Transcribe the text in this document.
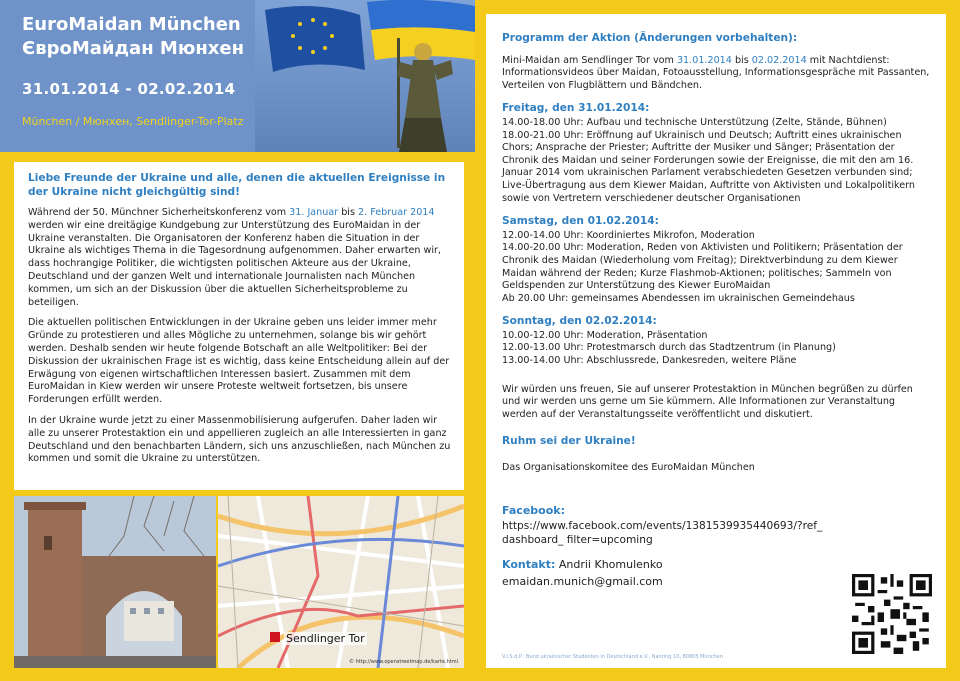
EuroMaidan München
ЄвроМайдан Мюнхен
31.01.2014 - 02.02.2014
München / Мюнхен, Sendlinger-Tor-Platz
Liebe Freunde der Ukraine und alle, denen die aktuellen Ereignisse in der Ukraine nicht gleichgültig sind!

Während der 50. Münchner Sicherheitskonferenz vom 31. Januar bis 2. Februar 2014 werden wir eine dreitägige Kundgebung zur Unterstützung des EuroMaidan in der Ukraine veranstalten. Die Organisatoren der Konferenz haben die Situation in der Ukraine als wichtiges Thema in die Tagesordnung aufgenommen. Daher erwarten wir, dass hochrangige Politiker, die wichtigsten politischen Akteure aus der Ukraine, Deutschland und der ganzen Welt und internationale Journalisten nach München kommen, um sich an der Diskussion über die aktuellen Sicherheitsprobleme zu beteiligen.

Die aktuellen politischen Entwicklungen in der Ukraine geben uns leider immer mehr Gründe zu protestieren und alles Mögliche zu unternehmen, solange bis wir gehört werden. Deshalb senden wir heute folgende Botschaft an alle Weltpolitiker: Bei der Diskussion der ukrainischen Frage ist es wichtig, dass keine Entscheidung allein auf der Erwägung von eigenen wirtschaftlichen Interessen basiert. Zusammen mit dem EuroMaidan in Kiew werden wir unsere Proteste weltweit fortsetzen, bis unsere Forderungen erfüllt werden.

In der Ukraine wurde jetzt zu einer Massenmobilisierung aufgerufen. Daher laden wir alle zu unserer Protestaktion ein und appellieren zugleich an alle Interessierten in ganz Deutschland und den benachbarten Ländern, sich uns anzuschließen, nach München zu kommen und somit die Ukraine zu unterstützen.

Sendlinger Tor
© http://www.openstreetmap.de/karte.html
Programm der Aktion (Änderungen vorbehalten):

Mini-Maidan am Sendlinger Tor vom 31.01.2014 bis 02.02.2014 mit Nachtdienst: Informationsvideos über Maidan, Fotoausstellung, Informationsgespräche mit Passanten, Verteilen von Flugblättern und Bändchen.

Freitag, den 31.01.2014:

14.00-18.00 Uhr: Aufbau und technische Unterstützung (Zelte, Stände, Bühnen)

18.00-21.00 Uhr: Eröffnung auf Ukrainisch und Deutsch; Auftritt eines ukrainischen Chors; Ansprache der Priester; Auftritte der Musiker und Sänger; Präsentation der Chronik des Maidan und seiner Forderungen sowie der Ereignisse, die mit den am 16. Januar 2014 vom ukrainischen Parlament verabschiedeten Gesetzen verbunden sind; Live-Übertragung aus dem Kiewer Maidan, Auftritte von Aktivisten und Lokalpolitikern sowie von Vertretern verschiedener deutscher Organisationen

Samstag, den 01.02.2014:

12.00-14.00 Uhr: Koordiniertes Mikrofon, Moderation

14.00-20.00 Uhr: Moderation, Reden von Aktivisten und Politikern; Präsentation der Chronik des Maidan (Wiederholung vom Freitag); Direktverbindung zu dem Kiewer Maidan während der Reden; Kurze Flashmob-Aktionen; politisches; Sammeln von Geldspenden zur Unterstützung des Kiewer EuroMaidan

Ab 20.00 Uhr: gemeinsames Abendessen im ukrainischen Gemeindehaus

Sonntag, den 02.02.2014:

10.00-12.00 Uhr: Moderation, Präsentation

12.00-13.00 Uhr: Protestmarsch durch das Stadtzentrum (in Planung)

13.00-14.00 Uhr: Abschlussrede, Dankesreden, weitere Pläne

Wir würden uns freuen, Sie auf unserer Protestaktion in München begrüßen zu dürfen und wir werden uns gerne um Sie kümmern. Alle Informationen zur Veranstaltung werden auf der Veranstaltungsseite veröffentlicht und diskutiert.

Ruhm sei der Ukraine!

Das Organisationskomitee des EuroMaidan München

Facebook:
https://www.facebook.com/events/1381539935440693/?ref_ dashboard_ filter=upcoming
Kontakt: Andrii Khomulenko
emaidan.munich@gmail.com
V.i.S.d.P.: Bund ukrainischer Studenten in Deutschland e.V., Nanring 10, 80805 München
